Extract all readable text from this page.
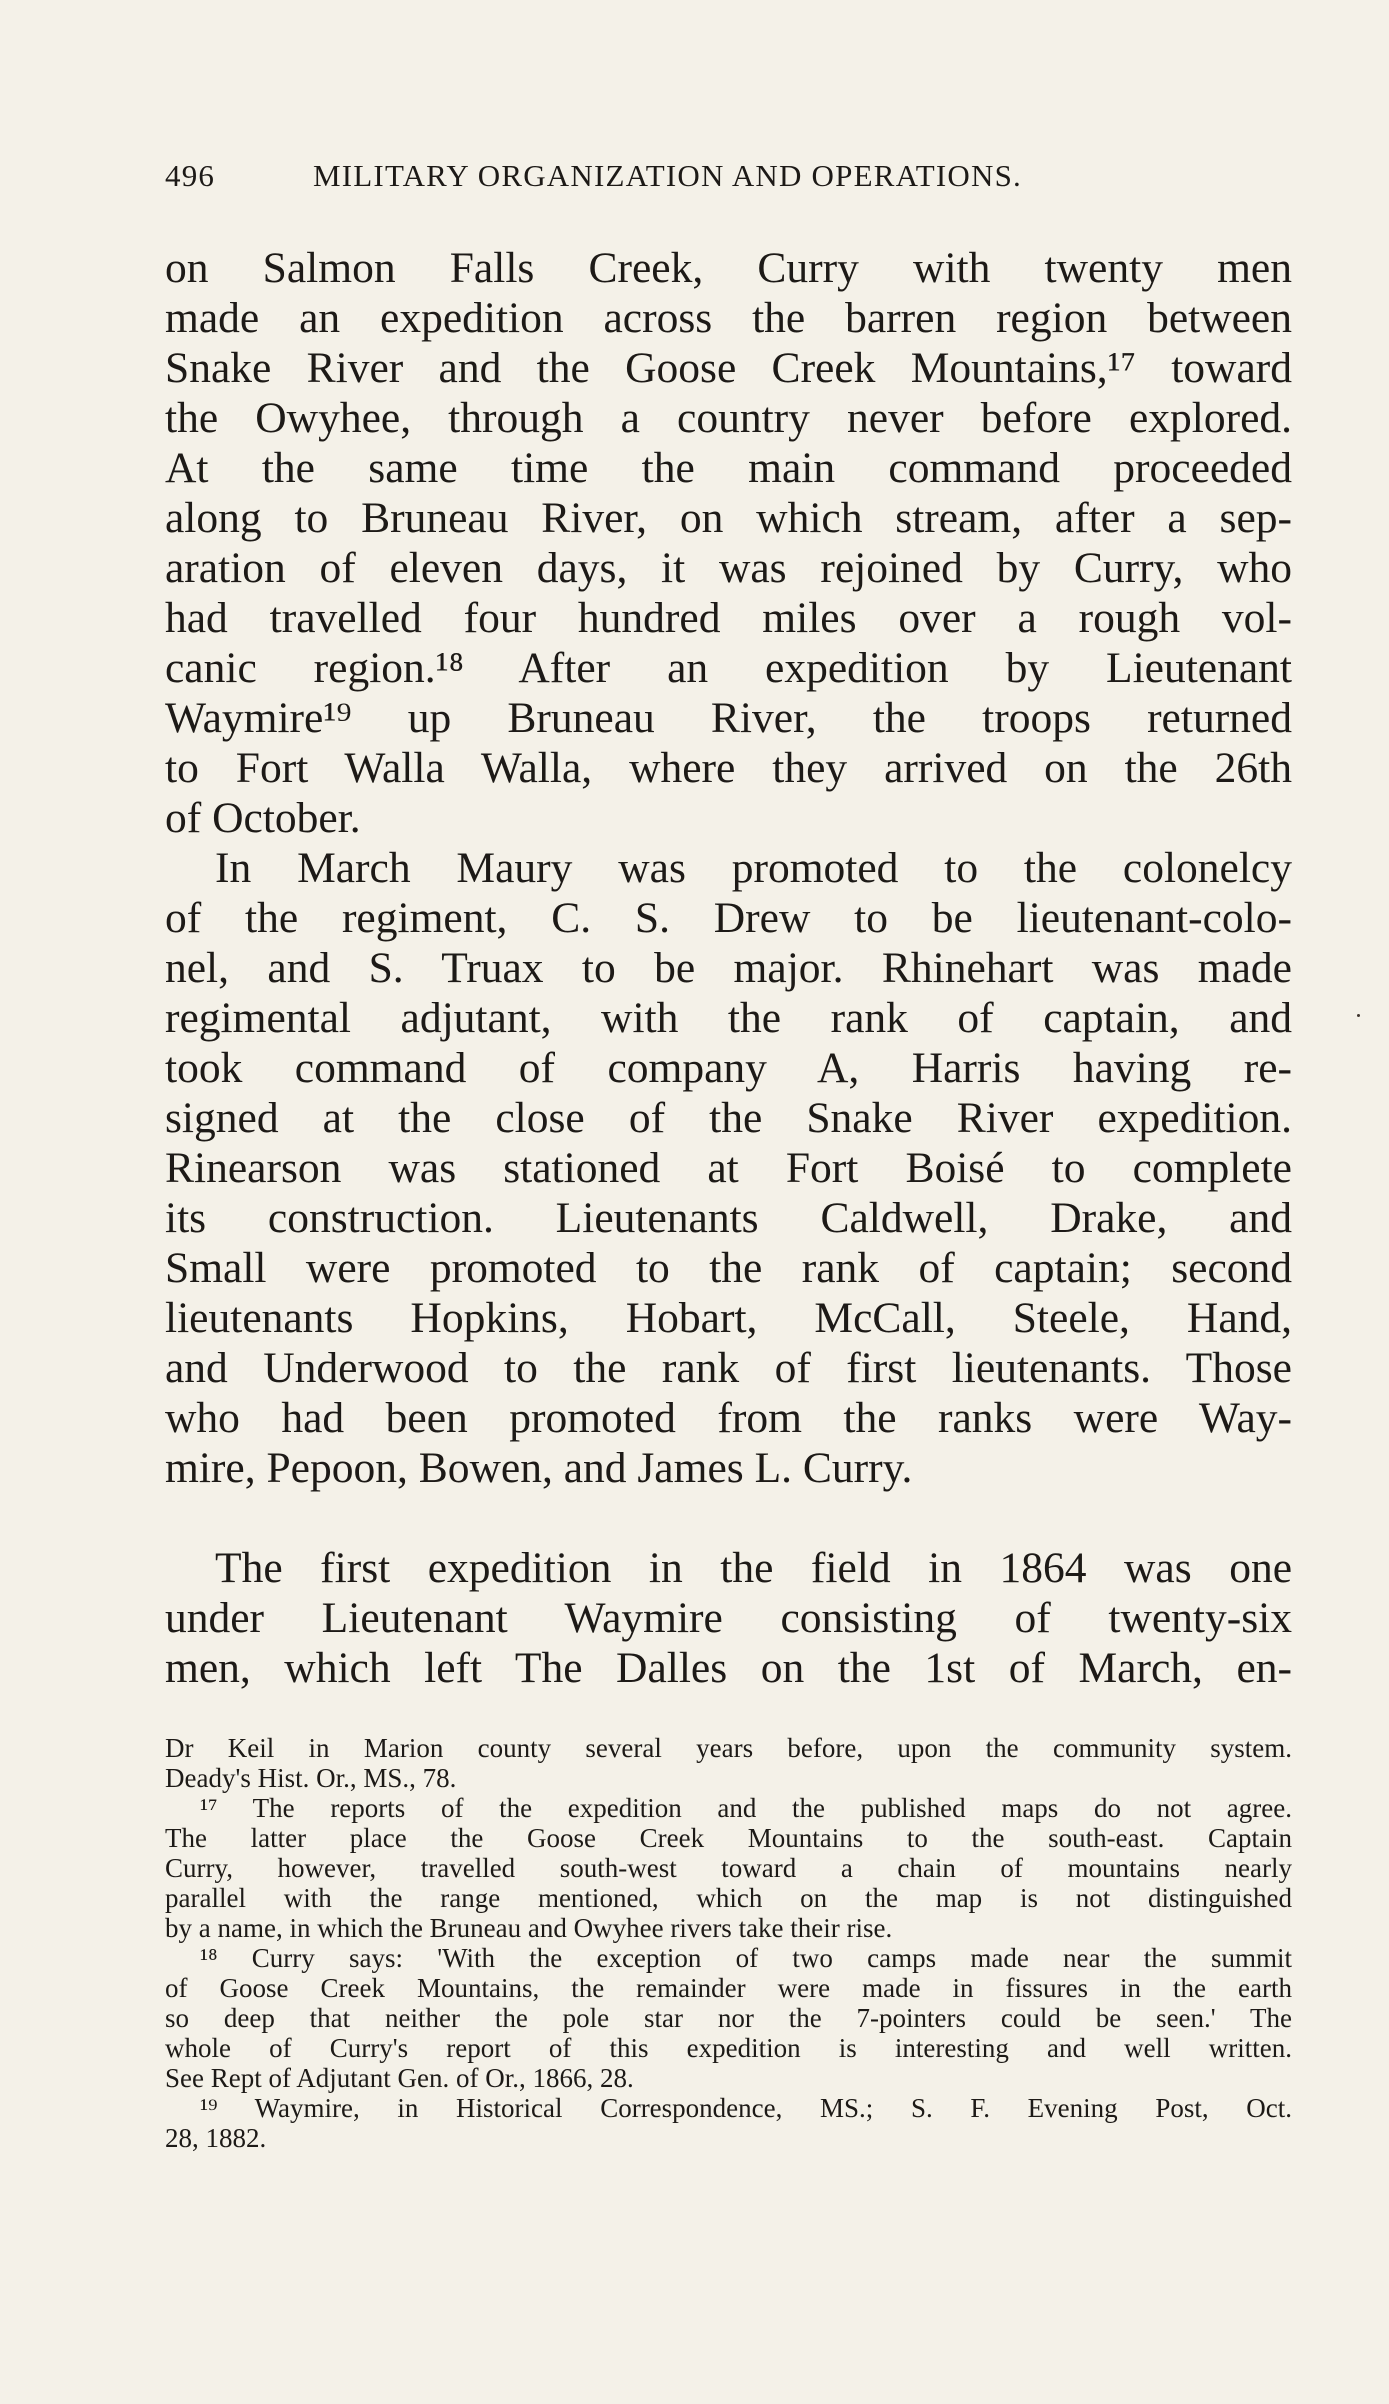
496	MILITARY ORGANIZATION AND OPERATIONS.
on Salmon Falls Creek, Curry with twenty men
made an expedition across the barren region between
Snake River and the Goose Creek Mountains,¹⁷ toward
the Owyhee, through a country never before explored.
At the same time the main command proceeded
along to Bruneau River, on which stream, after a sep-
aration of eleven days, it was rejoined by Curry, who
had travelled four hundred miles over a rough vol-
canic region.¹⁸ After an expedition by Lieutenant
Waymire¹⁹ up Bruneau River, the troops returned
to Fort Walla Walla, where they arrived on the 26th
of October.
In March Maury was promoted to the colonelcy
of the regiment, C. S. Drew to be lieutenant-colo-
nel, and S. Truax to be major. Rhinehart was made
regimental adjutant, with the rank of captain, and
took command of company A, Harris having re-
signed at the close of the Snake River expedition.
Rinearson was stationed at Fort Boisé to complete
its construction. Lieutenants Caldwell, Drake, and
Small were promoted to the rank of captain; second
lieutenants Hopkins, Hobart, McCall, Steele, Hand,
and Underwood to the rank of first lieutenants. Those
who had been promoted from the ranks were Way-
mire, Pepoon, Bowen, and James L. Curry.
The first expedition in the field in 1864 was one
under Lieutenant Waymire consisting of twenty-six
men, which left The Dalles on the 1st of March, en-
Dr Keil in Marion county several years before, upon the community system.
Deady's Hist. Or., MS., 78.
¹⁷ The reports of the expedition and the published maps do not agree.
The latter place the Goose Creek Mountains to the south-east. Captain
Curry, however, travelled south-west toward a chain of mountains nearly
parallel with the range mentioned, which on the map is not distinguished
by a name, in which the Bruneau and Owyhee rivers take their rise.
¹⁸ Curry says: 'With the exception of two camps made near the summit
of Goose Creek Mountains, the remainder were made in fissures in the earth
so deep that neither the pole star nor the 7-pointers could be seen.' The
whole of Curry's report of this expedition is interesting and well written.
See Rept of Adjutant Gen. of Or., 1866, 28.
¹⁹ Waymire, in Historical Correspondence, MS.; S. F. Evening Post, Oct.
28, 1882.
